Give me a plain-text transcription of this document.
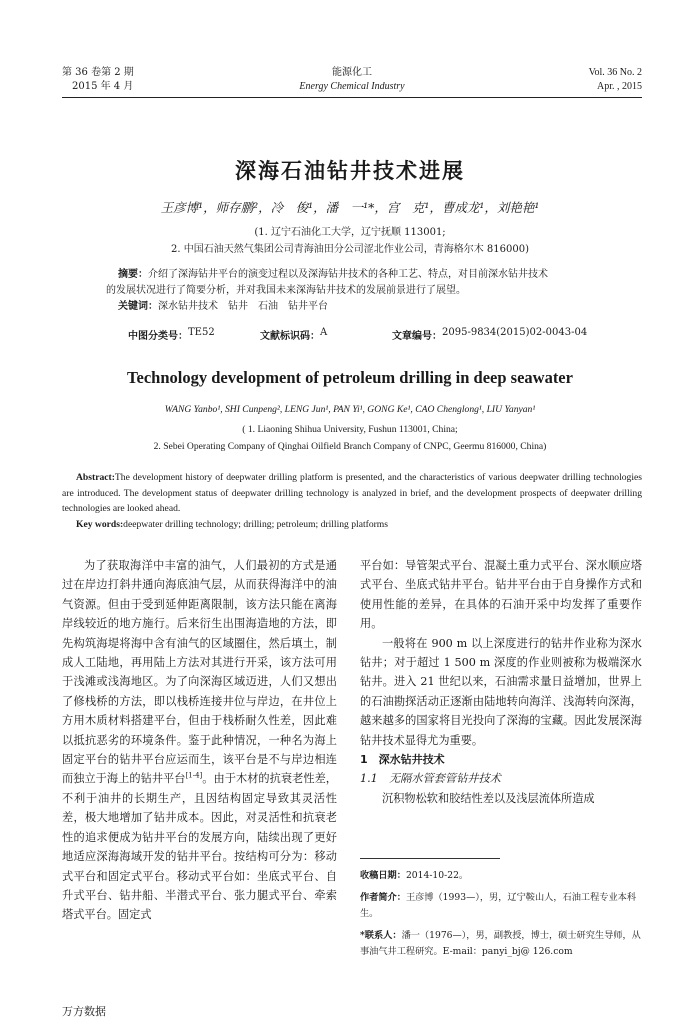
第 36 卷第 2 期
2015 年 4 月
能源化工
Energy Chemical Industry
Vol. 36 No. 2
Apr. , 2015
深海石油钻井技术进展
王彦博¹，师存鹏²，冷　俊¹，潘　一¹*，宫　克¹，曹成龙¹，刘艳艳¹
(1. 辽宁石油化工大学，辽宁抚顺 113001;
2. 中国石油天然气集团公司青海油田分公司涩北作业公司，青海格尔木 816000)
摘要：介绍了深海钻井平台的演变过程以及深海钻井技术的各种工艺、特点，对目前深水钻井技术
的发展状况进行了简要分析，并对我国未来深海钻井技术的发展前景进行了展望。
关键词：深水钻井技术　钻井　石油　钻井平台
中图分类号： TE52	文献标识码： A	文章编号： 2095-9834(2015)02-0043-04
Technology development of petroleum drilling in deep seawater
WANG Yanbo¹, SHI Cunpeng², LENG Jun¹, PAN Yi¹, GONG Ke¹, CAO Chenglong¹, LIU Yanyan¹
( 1. Liaoning Shihua University, Fushun 113001, China;
2. Sebei Operating Company of Qinghai Oilfield Branch Company of CNPC, Geermu 816000, China)
Abstract:The development history of deepwater drilling platform is presented, and the characteristics of various deepwater drilling technologies are introduced. The development status of deepwater drilling technology is analyzed in brief, and the development prospects of deepwater drilling technologies are looked ahead.
Key words:deepwater drilling technology; drilling; petroleum; drilling platforms

为了获取海洋中丰富的油气，人们最初的方式是通过在岸边打斜井通向海底油气层，从而获得海洋中的油气资源。但由于受到延伸距离限制，该方法只能在离海岸线较近的地方施行。后来衍生出围海造地的方法，即先构筑海堤将海中含有油气的区域圈住，然后填土，制成人工陆地，再用陆上方法对其进行开采，该方法可用于浅滩或浅海地区。为了向深海区域迈进，人们又想出了修栈桥的方法，即以栈桥连接井位与岸边，在井位上方用木质材料搭建平台，但由于栈桥耐久性差，因此难以抵抗恶劣的环境条件。鉴于此种情况，一种名为海上固定平台的钻井平台应运而生，该平台是不与岸边相连而独立于海上的钻井平台[1-4]。由于木材的抗衰老性差，不利于油井的长期生产，且因结构固定导致其灵活性差，极大地增加了钻井成本。因此，对灵活性和抗衰老性的追求便成为钻井平台的发展方向，陆续出现了更好地适应深海海域开发的钻井平台。按结构可分为：移动式平台和固定式平台。移动式平台如：坐底式平台、自升式平台、钻井船、半潜式平台、张力腿式平台、牵索塔式平台。固定式

平台如：导管架式平台、混凝土重力式平台、深水顺应塔式平台、坐底式钻井平台。钻井平台由于自身操作方式和使用性能的差异，在具体的石油开采中均发挥了重要作用。

一般将在 900 m 以上深度进行的钻井作业称为深水钻井；对于超过 1 500 m 深度的作业则被称为极端深水钻井。进入 21 世纪以来，石油需求量日益增加，世界上的石油勘探活动正逐渐由陆地转向海洋、浅海转向深海，越来越多的国家将目光投向了深海的宝藏。因此发展深海钻井技术显得尤为重要。

1　深水钻井技术

1.1　无隔水管套管钻井技术

沉积物松软和胶结性差以及浅层流体所造成

收稿日期：2014-10-22。
作者简介：王彦博（1993—），男，辽宁鞍山人，石油工程专业本科生。
*联系人：潘一（1976—），男，副教授，博士，硕士研究生导师，从事油气井工程研究。E-mail：panyi_bj@ 126.com
万方数据
